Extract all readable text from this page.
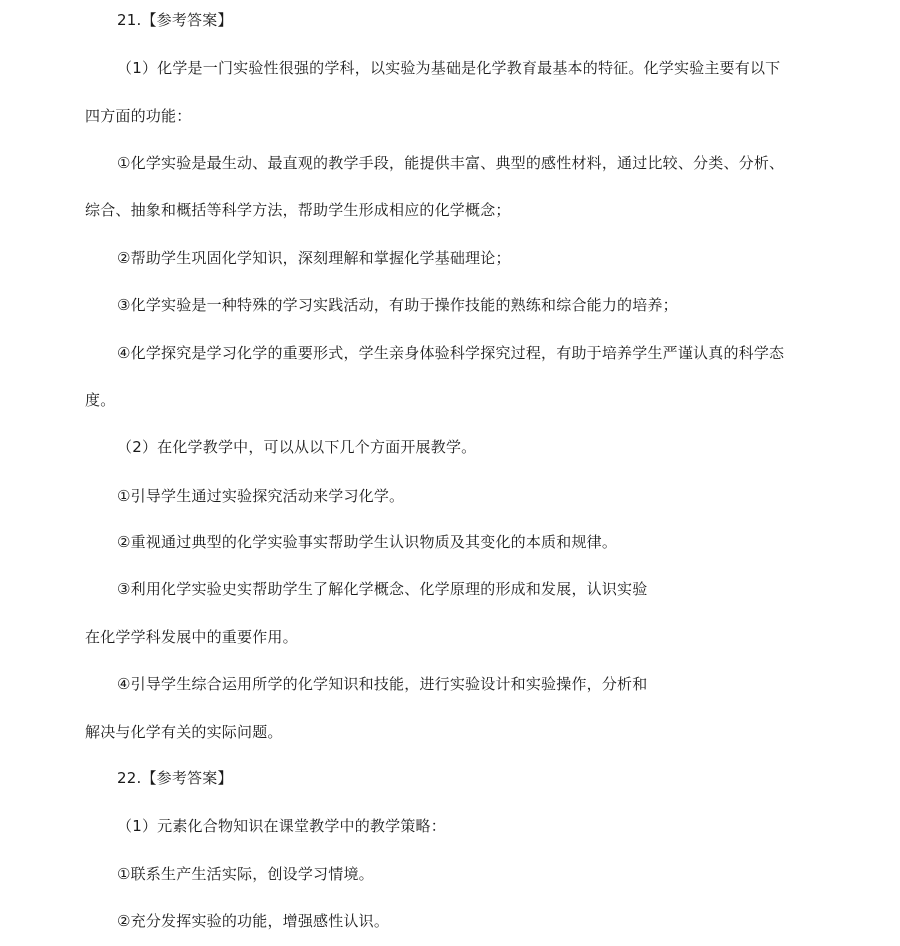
21.【参考答案】
（1）化学是一门实验性很强的学科，以实验为基础是化学教育最基本的特征。化学实验主要有以下
四方面的功能：
①化学实验是最生动、最直观的教学手段，能提供丰富、典型的感性材料，通过比较、分类、分析、
综合、抽象和概括等科学方法，帮助学生形成相应的化学概念；
②帮助学生巩固化学知识，深刻理解和掌握化学基础理论；
③化学实验是一种特殊的学习实践活动，有助于操作技能的熟练和综合能力的培养；
④化学探究是学习化学的重要形式，学生亲身体验科学探究过程，有助于培养学生严谨认真的科学态
度。
（2）在化学教学中，可以从以下几个方面开展教学。
①引导学生通过实验探究活动来学习化学。
②重视通过典型的化学实验事实帮助学生认识物质及其变化的本质和规律。
③利用化学实验史实帮助学生了解化学概念、化学原理的形成和发展，认识实验
在化学学科发展中的重要作用。
④引导学生综合运用所学的化学知识和技能，进行实验设计和实验操作，分析和
解决与化学有关的实际问题。
22.【参考答案】
（1）元素化合物知识在课堂教学中的教学策略：
①联系生产生活实际，创设学习情境。
②充分发挥实验的功能，增强感性认识。
